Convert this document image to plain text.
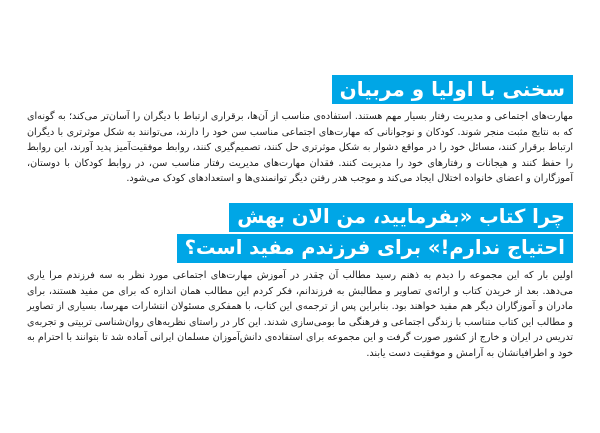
سخنی با اولیا و مربیان

مهارت‌های اجتماعی و مدیریت رفتار بسیار مهم هستند. استفاده‌ی مناسب از آن‌ها، برقراری ارتباط با دیگران را آسان‌تر می‌کند؛ به گونه‌ای که به نتایج مثبت منجر شوند. کودکان و نوجوانانی که مهارت‌های اجتماعی مناسب سن خود را دارند، می‌توانند به شکل موثرتری با دیگران ارتباط برقرار کنند، مسائل خود را در مواقع دشوار به شکل موثرتری حل کنند، تصمیم‌گیری کنند، روابط موفقیت‌آمیز پدید آورند، این روابط را حفظ کنند و هیجانات و رفتارهای خود را مدیریت کنند. فقدان مهارت‌های مدیریت رفتار مناسب سن، در روابط کودکان با دوستان، آموزگاران و اعضای خانواده اختلال ایجاد می‌کند و موجب هدر رفتن دیگر توانمندی‌ها و استعدادهای کودک می‌شود.

چرا کتاب «بفرمایید، من الان بهش
احتیاج ندارم!» برای فرزندم مفید است؟

اولین بار که این مجموعه را دیدم به ذهنم رسید مطالب آن چقدر در آموزش مهارت‌های اجتماعی مورد نظر به سه فرزندم مرا یاری می‌دهد. بعد از خریدن کتاب و ارائه‌ی تصاویر و مطالبش به فرزندانم، فکر کردم این مطالب همان اندازه که برای من مفید هستند، برای مادران و آموزگاران دیگر هم مفید خواهند بود. بنابراین پس از ترجمه‌ی این کتاب، با همفکری مسئولان انتشارات مهرسا، بسیاری از تصاویر و مطالب این کتاب متناسب با زندگی اجتماعی و فرهنگی ما بومی‌سازی شدند. این کار در راستای نظریه‌های روان‌شناسی تربیتی و تجربه‌ی تدریس در ایران و خارج از کشور صورت گرفت و این مجموعه برای استفاده‌ی دانش‌آموزان مسلمان ایرانی آماده شد تا بتوانند با احترام به خود و اطرافیانشان به آرامش و موفقیت دست یابند.
